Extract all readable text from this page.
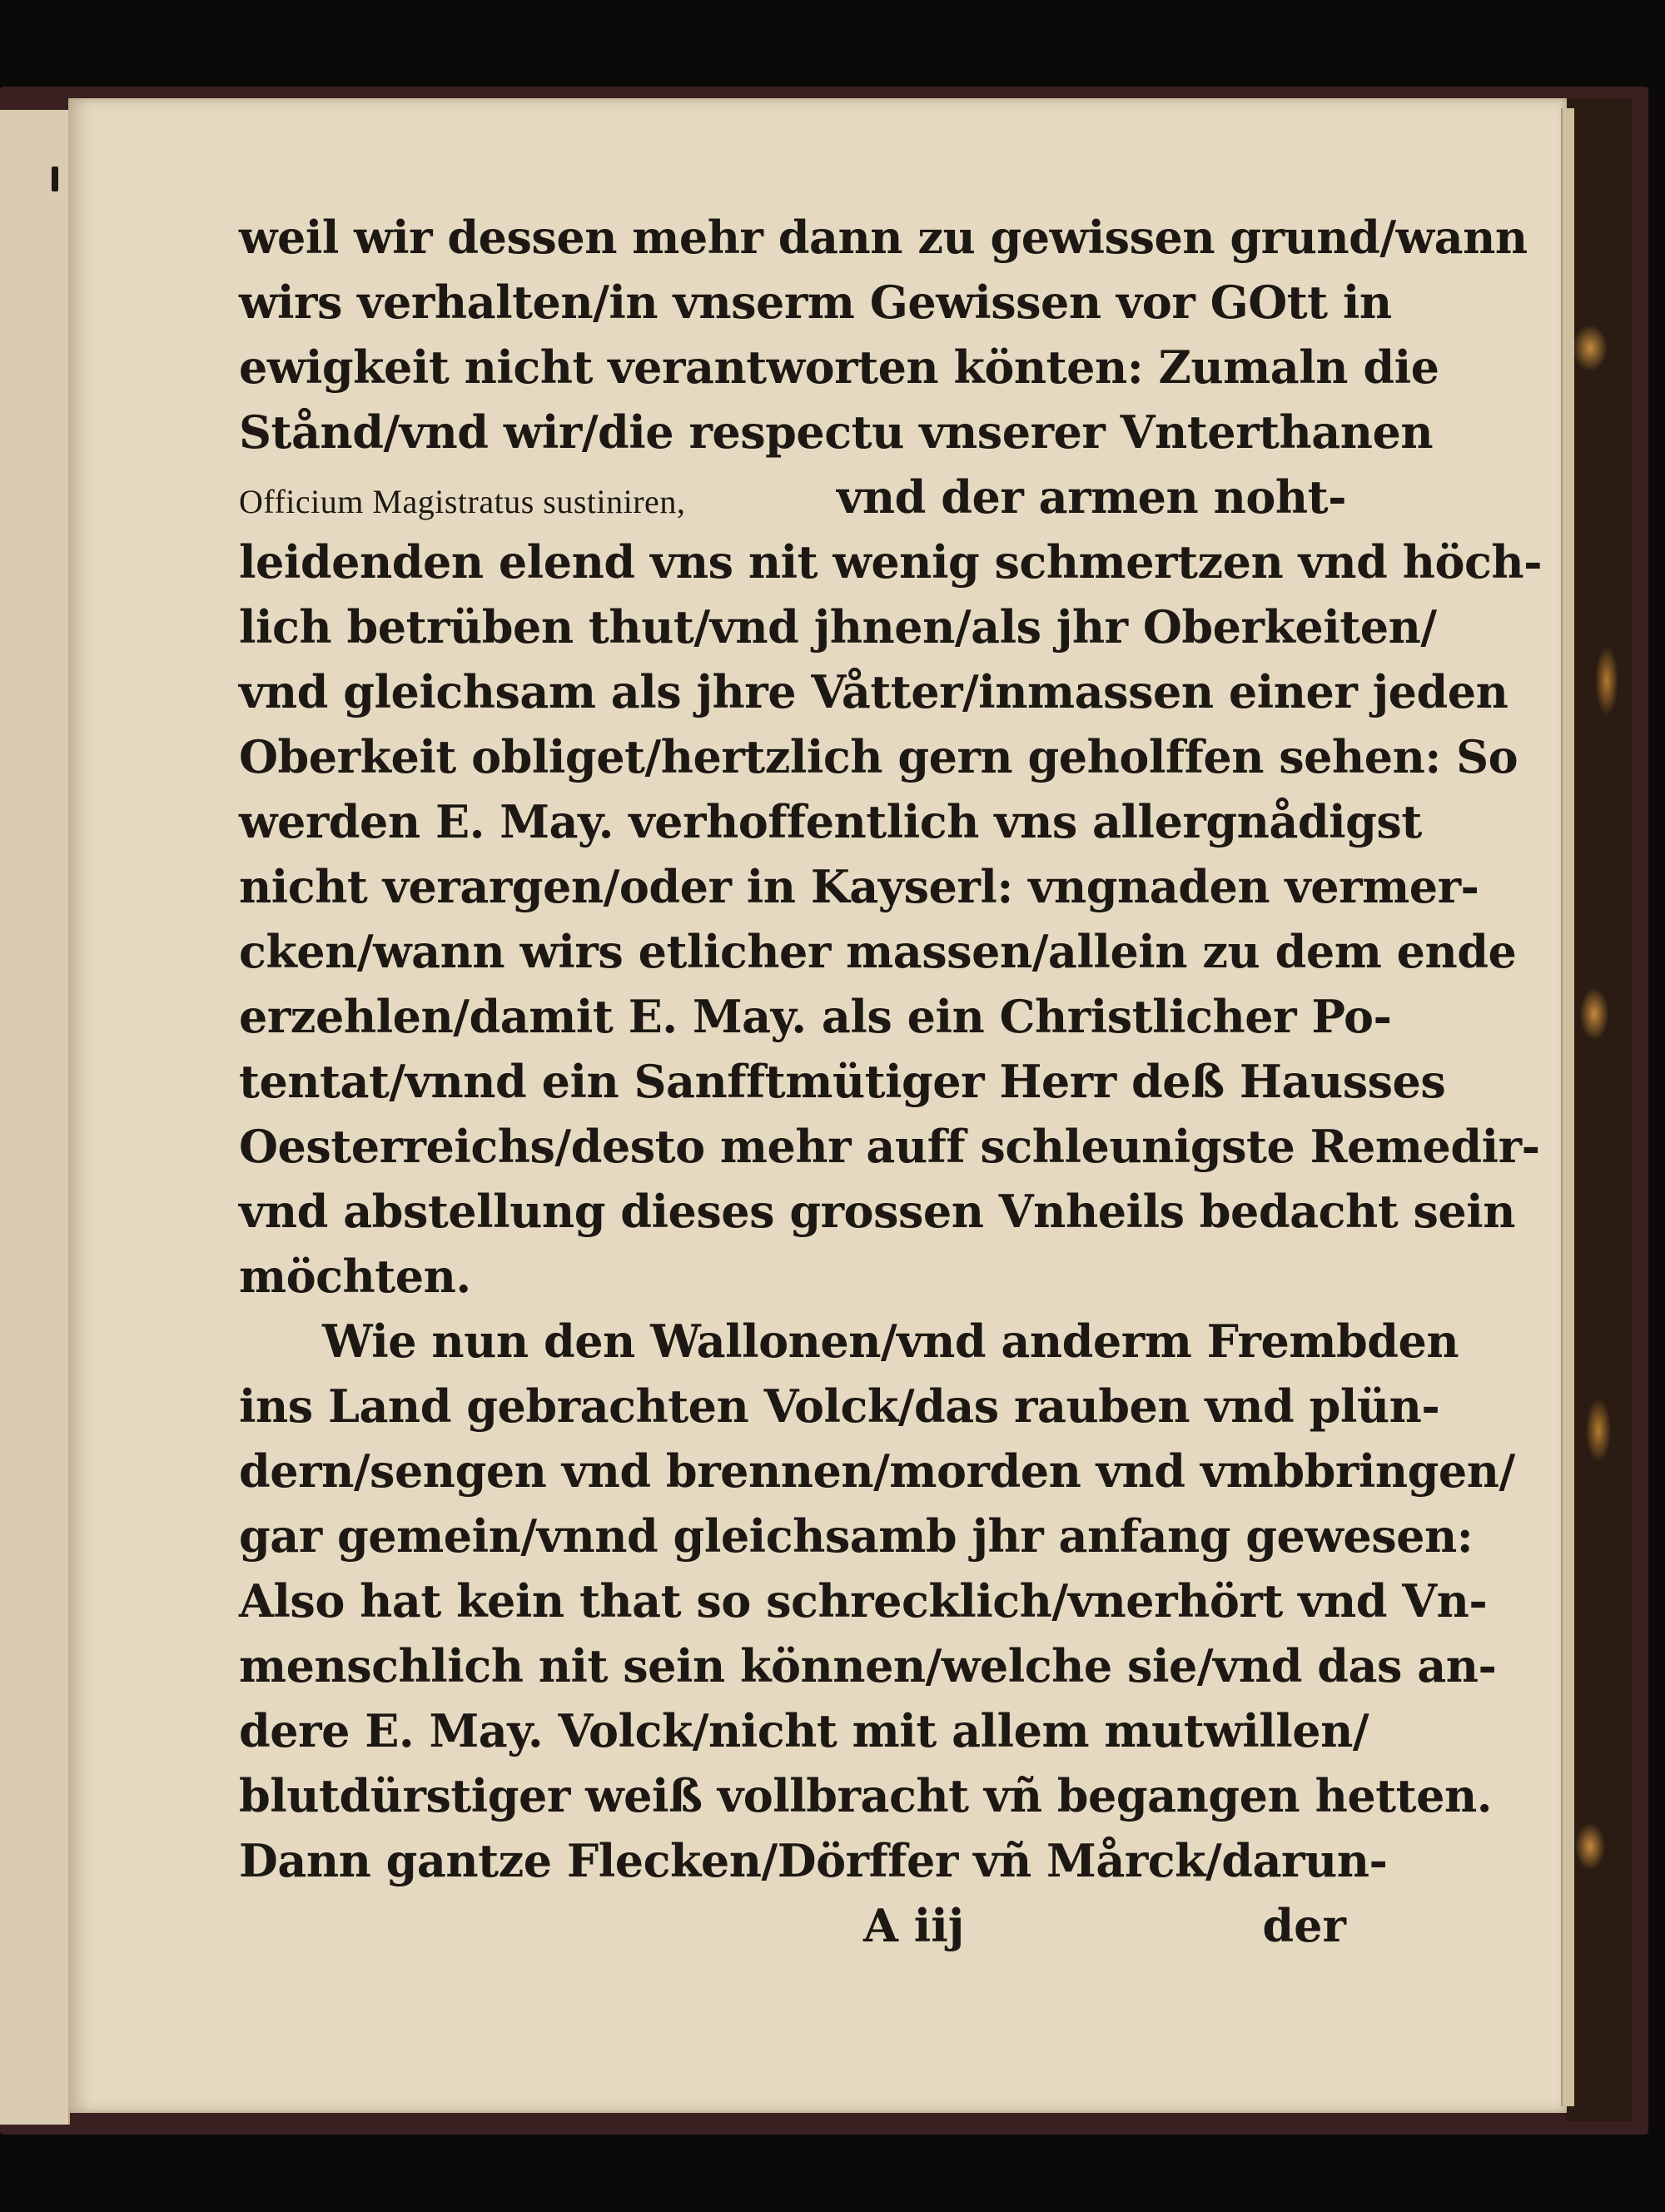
weil wir dessen mehr dann zu gewissen grund/wann
wirs verhalten/in vnserm Gewissen vor GOtt in
ewigkeit nicht verantworten könten: Zumaln die
Stånd/vnd wir/die respectu vnserer Vnterthanen
Officium Magistratus sustiniren,	vnd der armen noht-
leidenden elend vns nit wenig schmertzen vnd höch-
lich betrüben thut/vnd jhnen/als jhr Oberkeiten/
vnd gleichsam als jhre Våtter/inmassen einer jeden
Oberkeit obliget/hertzlich gern geholffen sehen: So
werden E. May. verhoffentlich vns allergnådigst
nicht verargen/oder in Kayserl: vngnaden vermer-
cken/wann wirs etlicher massen/allein zu dem ende
erzehlen/damit E. May. als ein Christlicher Po-
tentat/vnnd ein Sanfftmütiger Herr deß Hausses
Oesterreichs/desto mehr auff schleunigste Remedir-
vnd abstellung dieses grossen Vnheils bedacht sein
möchten.
Wie nun den Wallonen/vnd anderm Frembden
ins Land gebrachten Volck/das rauben vnd plün-
dern/sengen vnd brennen/morden vnd vmbbringen/
gar gemein/vnnd gleichsamb jhr anfang gewesen:
Also hat kein that so schrecklich/vnerhört vnd Vn-
menschlich nit sein können/welche sie/vnd das an-
dere E. May. Volck/nicht mit allem mutwillen/
blutdürstiger weiß vollbracht vñ begangen hetten.
Dann gantze Flecken/Dörffer vñ Mårck/darun-
A iij	der
